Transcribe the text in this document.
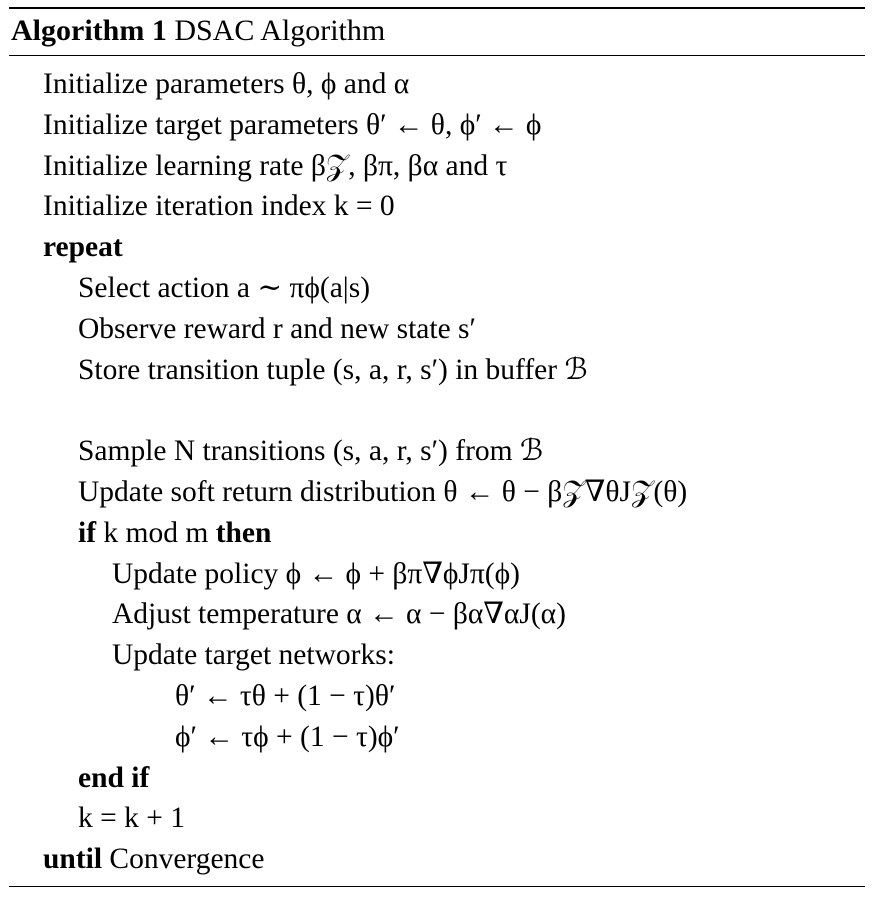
Algorithm 1 DSAC Algorithm
Initialize parameters θ, ϕ and α
Initialize target parameters θ′ ← θ, ϕ′ ← ϕ
Initialize learning rate β𝒵, βπ, βα and τ
Initialize iteration index k = 0
repeat
Select action a ∼ πϕ(a|s)
Observe reward r and new state s′
Store transition tuple (s, a, r, s′) in buffer ℬ
Sample N transitions (s, a, r, s′) from ℬ
Update soft return distribution θ ← θ − β𝒵∇θJ𝒵(θ)
if k mod m then
Update policy ϕ ← ϕ + βπ∇ϕJπ(ϕ)
Adjust temperature α ← α − βα∇αJ(α)
Update target networks:
θ′ ← τθ + (1 − τ)θ′
ϕ′ ← τϕ + (1 − τ)ϕ′
end if
k = k + 1
until Convergence
